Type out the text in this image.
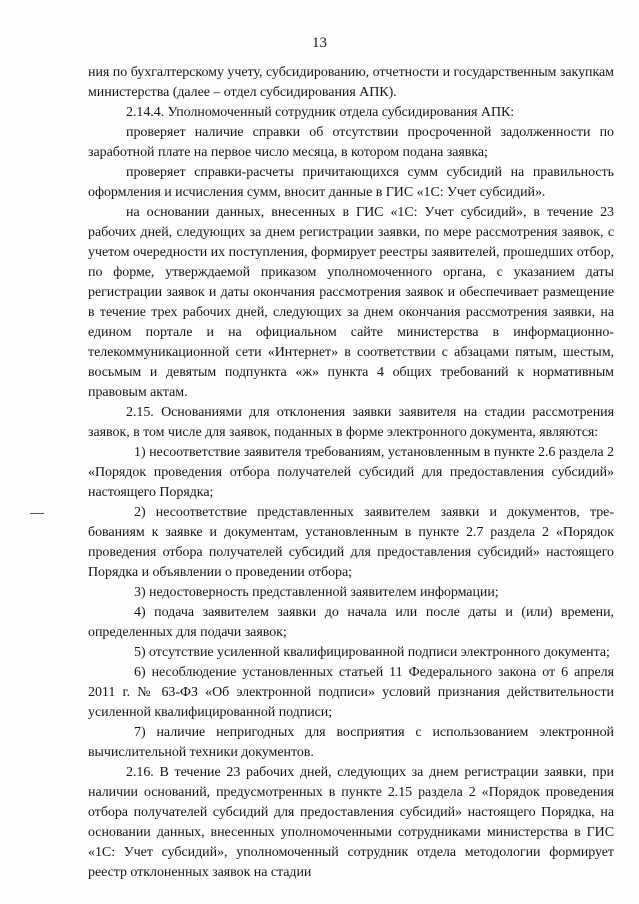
13

ния по бухгалтерскому учету, субсидированию, отчетности и государственным закупкам министерства (далее – отдел субсидирования АПК).

2.14.4. Уполномоченный сотрудник отдела субсидирования АПК:

проверяет наличие справки об отсутствии просроченной задолженности по заработной плате на первое число месяца, в котором подана заявка;

проверяет справки-расчеты причитающихся сумм субсидий на правильность оформления и исчисления сумм, вносит данные в ГИС «1С: Учет субсидий».

на основании данных, внесенных в ГИС «1С: Учет субсидий», в течение 23 рабочих дней, следующих за днем регистрации заявки, по мере рассмотрения заявок, с учетом очередности их поступления, формирует реестры заявителей, прошедших отбор, по форме, утверждаемой приказом уполномоченного органа, с указанием даты регистрации заявок и даты окончания рассмотрения заявок и обеспечивает размещение в течение трех рабочих дней, следующих за днем окончания рассмотрения заявки, на едином портале и на официальном сайте министерства в информационно-телекоммуникационной сети «Интернет» в соответствии с абзацами пятым, шестым, восьмым и девятым подпункта «ж» пункта 4 общих требований к нормативным правовым актам.

2.15. Основаниями для отклонения заявки заявителя на стадии рассмотрения заявок, в том числе для заявок, поданных в форме электронного документа, являются:

1) несоответствие заявителя требованиям, установленным в пункте 2.6 раздела 2 «Порядок проведения отбора получателей субсидий для предоставления субсидий» настоящего Порядка;

2) несоответствие представленных заявителем заявки и документов, требованиям к заявке и документам, установленным в пункте 2.7 раздела 2 «Порядок проведения отбора получателей субсидий для предоставления субсидий» настоящего Порядка и объявлении о проведении отбора;

3) недостоверность представленной заявителем информации;

4) подача заявителем заявки до начала или после даты и (или) времени, определенных для подачи заявок;

5) отсутствие усиленной квалифицированной подписи электронного документа;

6) несоблюдение установленных статьей 11 Федерального закона от 6 апреля 2011 г. № 63-ФЗ «Об электронной подписи» условий признания действительности усиленной квалифицированной подписи;

7) наличие непригодных для восприятия с использованием электронной вычислительной техники документов.

2.16. В течение 23 рабочих дней, следующих за днем регистрации заявки, при наличии оснований, предусмотренных в пункте 2.15 раздела 2 «Порядок проведения отбора получателей субсидий для предоставления субсидий» настоящего Порядка, на основании данных, внесенных уполномоченными сотрудниками министерства в ГИС «1С: Учет субсидий», уполномоченный сотрудник отдела методологии формирует реестр отклоненных заявок на стадии
